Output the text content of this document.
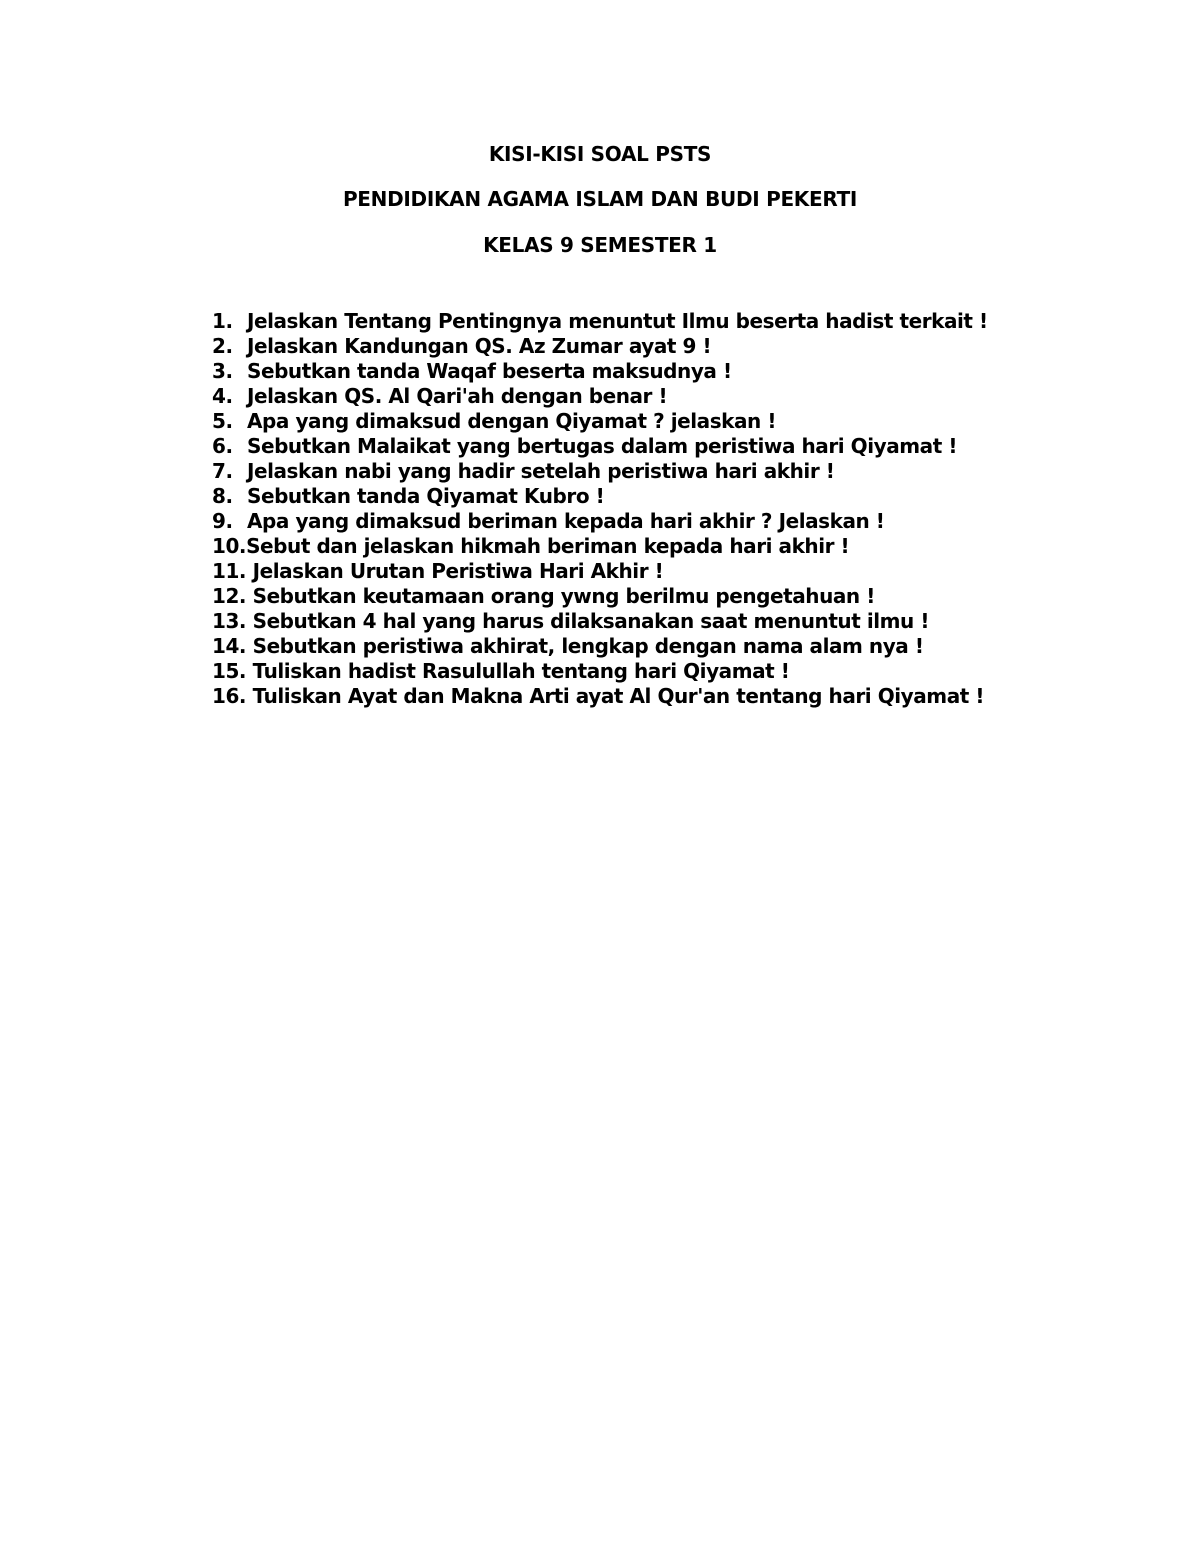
KISI-KISI SOAL PSTS
PENDIDIKAN AGAMA ISLAM DAN BUDI PEKERTI
KELAS 9 SEMESTER 1
1. Jelaskan Tentang Pentingnya menuntut Ilmu beserta hadist terkait !
2. Jelaskan Kandungan QS. Az Zumar ayat 9 !
3. Sebutkan tanda Waqaf beserta maksudnya !
4. Jelaskan QS. Al Qari'ah dengan benar !
5. Apa yang dimaksud dengan Qiyamat ? jelaskan !
6. Sebutkan Malaikat yang bertugas dalam peristiwa hari Qiyamat !
7. Jelaskan nabi yang hadir setelah peristiwa hari akhir !
8. Sebutkan tanda Qiyamat Kubro !
9. Apa yang dimaksud beriman kepada hari akhir ? Jelaskan !
10.Sebut dan jelaskan hikmah beriman kepada hari akhir !
11. Jelaskan Urutan Peristiwa Hari Akhir !
12. Sebutkan keutamaan orang ywng berilmu pengetahuan !
13. Sebutkan 4 hal yang harus dilaksanakan saat menuntut ilmu !
14. Sebutkan peristiwa akhirat, lengkap dengan nama alam nya !
15. Tuliskan hadist Rasulullah tentang hari Qiyamat !
16. Tuliskan Ayat dan Makna Arti ayat Al Qur'an tentang hari Qiyamat !
